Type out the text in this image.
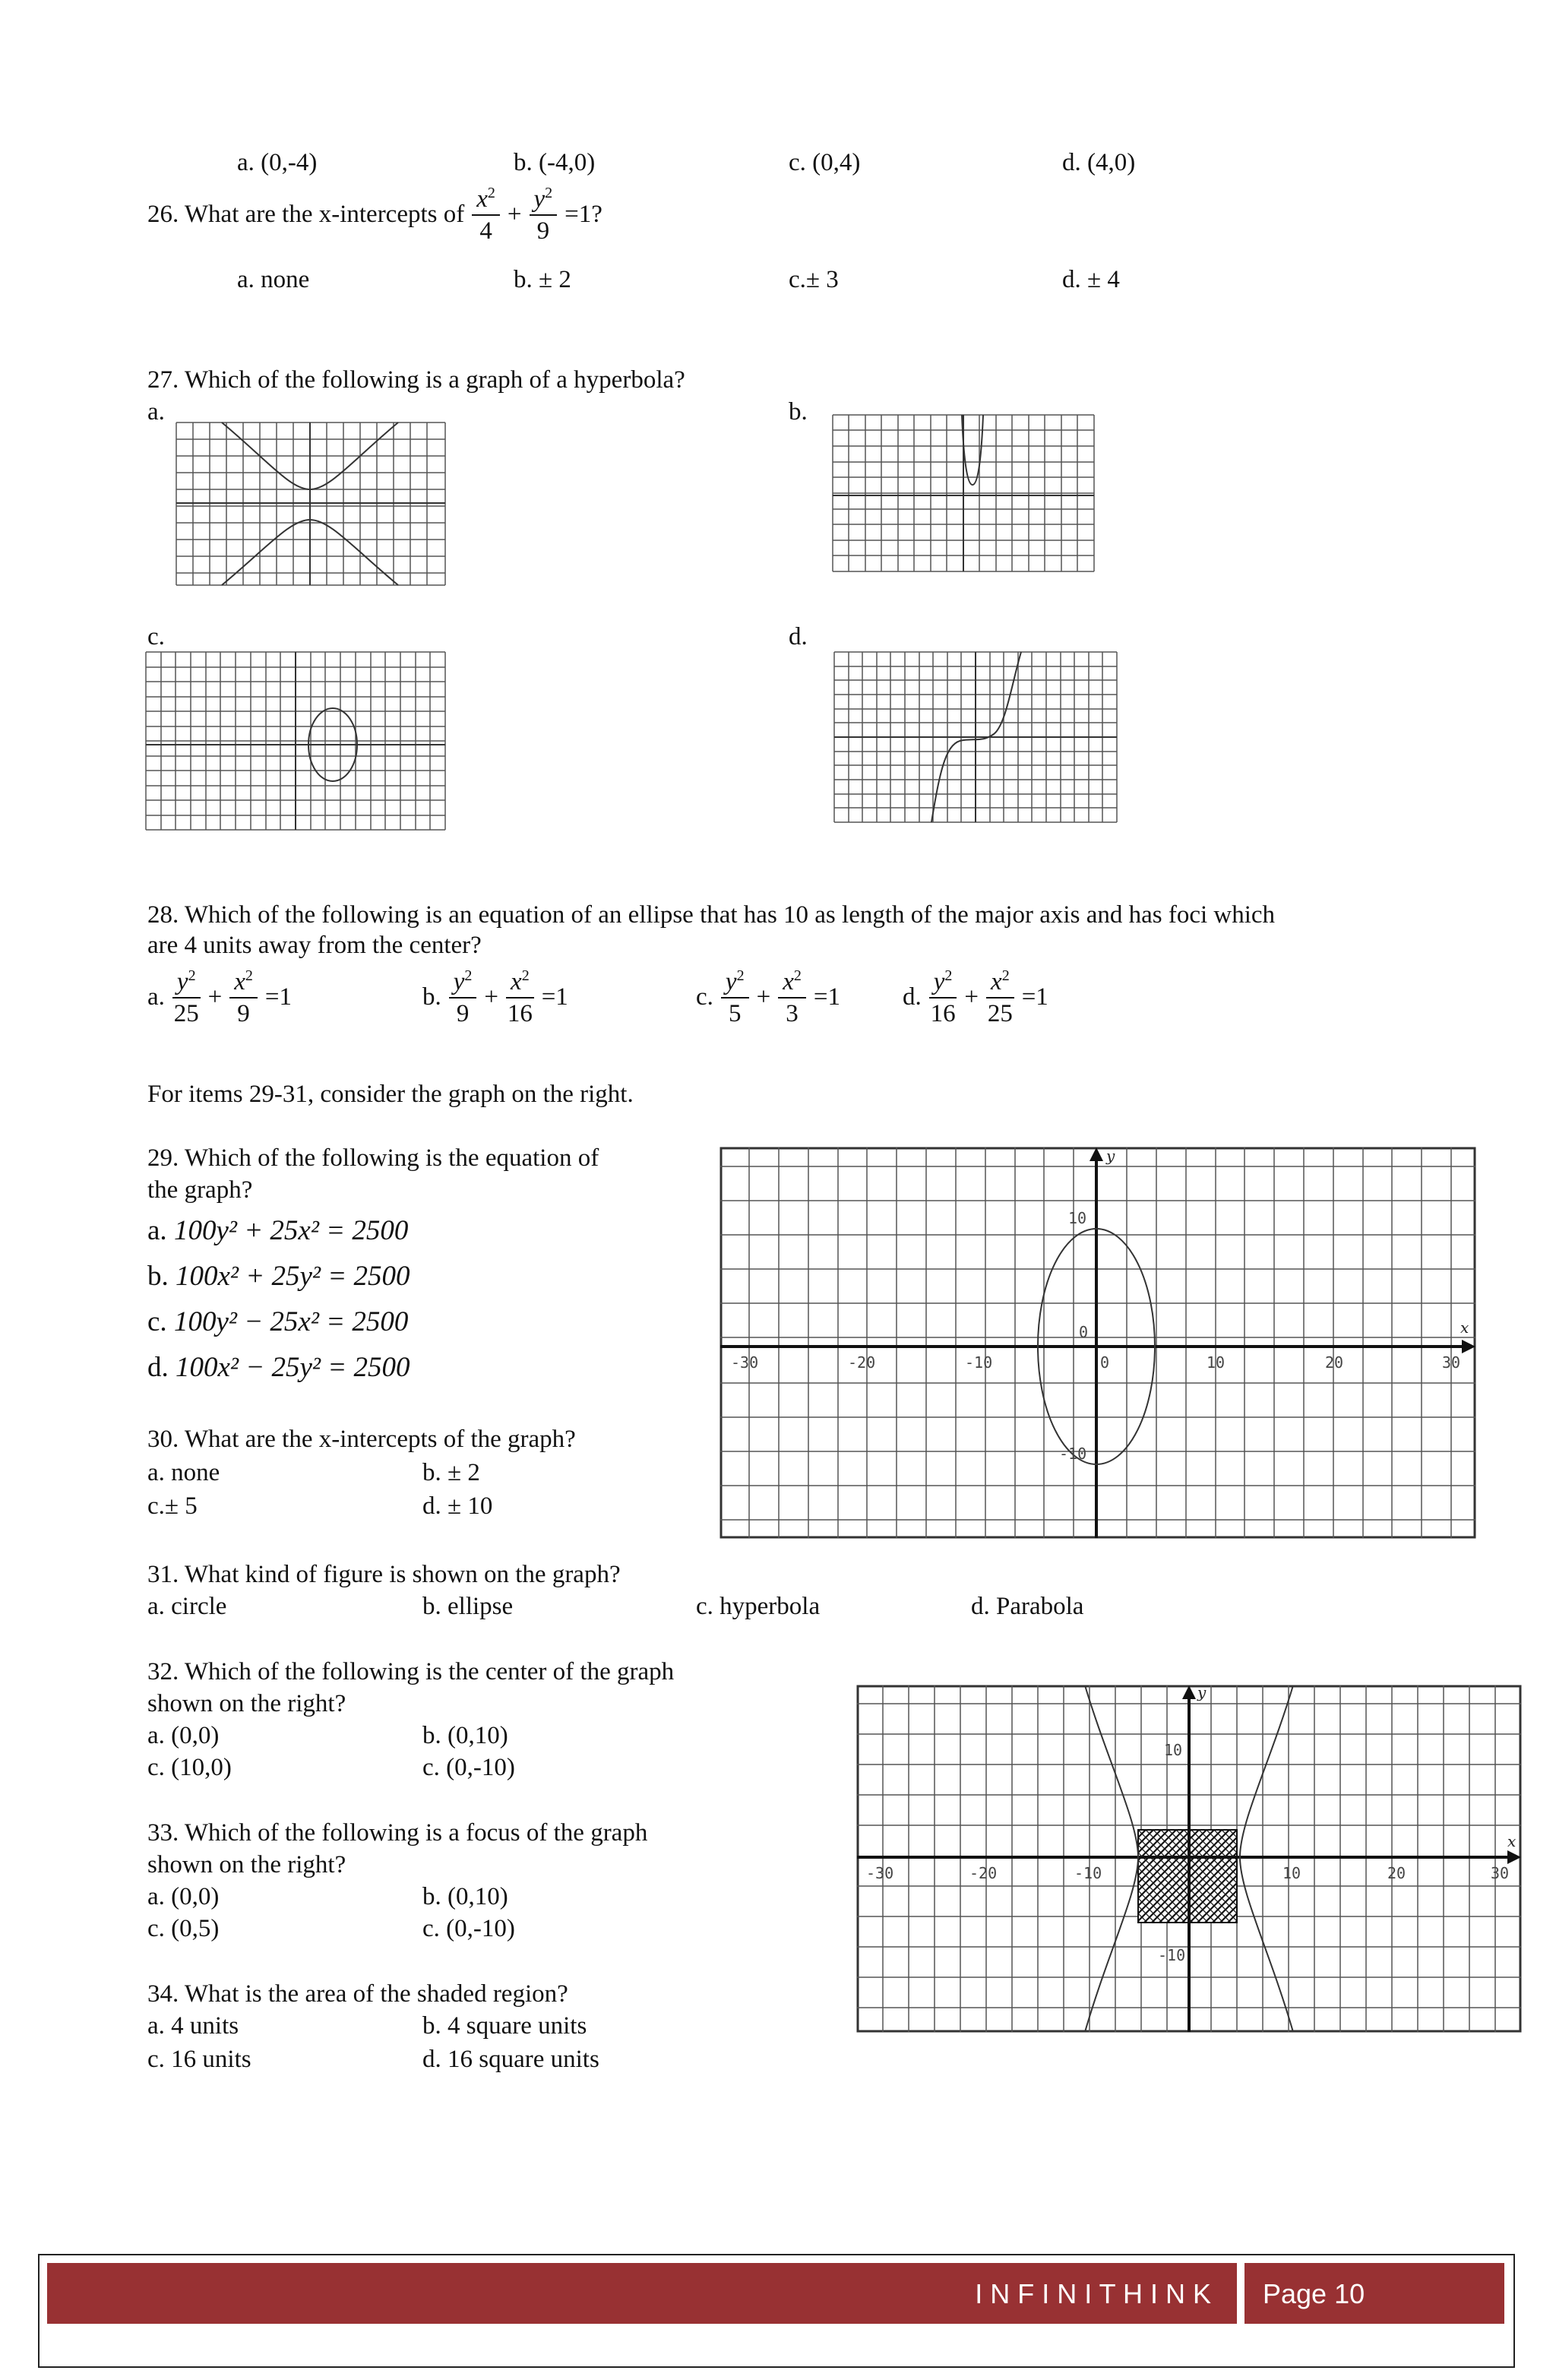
a. (0,-4)	b. (-4,0)	c. (0,4)	d. (4,0)
26. What are the x-intercepts of $\frac{x^2}{4} + \frac{y^2}{9} =1$?
a. none	b. ± 2	c.± 3	d. ± 4
27. Which of the following is a graph of a hyperbola?
a.	b.
c.	d.
28. Which of the following is an equation of an ellipse that has 10 as length of the major axis and has foci which
are 4 units away from the center?
a. $\frac{y^2}{25} + \frac{x^2}{9} =1$	b. $\frac{y^2}{9} + \frac{x^2}{16} =1$	c. $\frac{y^2}{5} + \frac{x^2}{3} =1$ d. $\frac{y^2}{16} + \frac{x^2}{25} =1$
For items 29-31, consider the graph on the right.
29. Which of the following is the equation of
the graph?
a. 100y² + 25x² = 2500
b. 100x² + 25y² = 2500
c. 100y² − 25x² = 2500
d. 100x² − 25y² = 2500
y
x
-30	-20	-10	0	10	20	30
10
0
-10
30. What are the x-intercepts of the graph?
a. none	b. ± 2
c.± 5	d. ± 10
31. What kind of figure is shown on the graph?
a. circle	b. ellipse	c. hyperbola	d. Parabola
32. Which of the following is the center of the graph
shown on the right?
a. (0,0)	b. (0,10)
c. (10,0)	c. (0,-10)
33. Which of the following is a focus of the graph
shown on the right?
a. (0,0)	b. (0,10)
c. (0,5)	c. (0,-10)
34. What is the area of the shaded region?
a. 4 units	b. 4 square units
c. 16 units	d. 16 square units
y
x
-30	-20	-10	10	20	30
10
-10
I N F I N I T H I N K Page 10
